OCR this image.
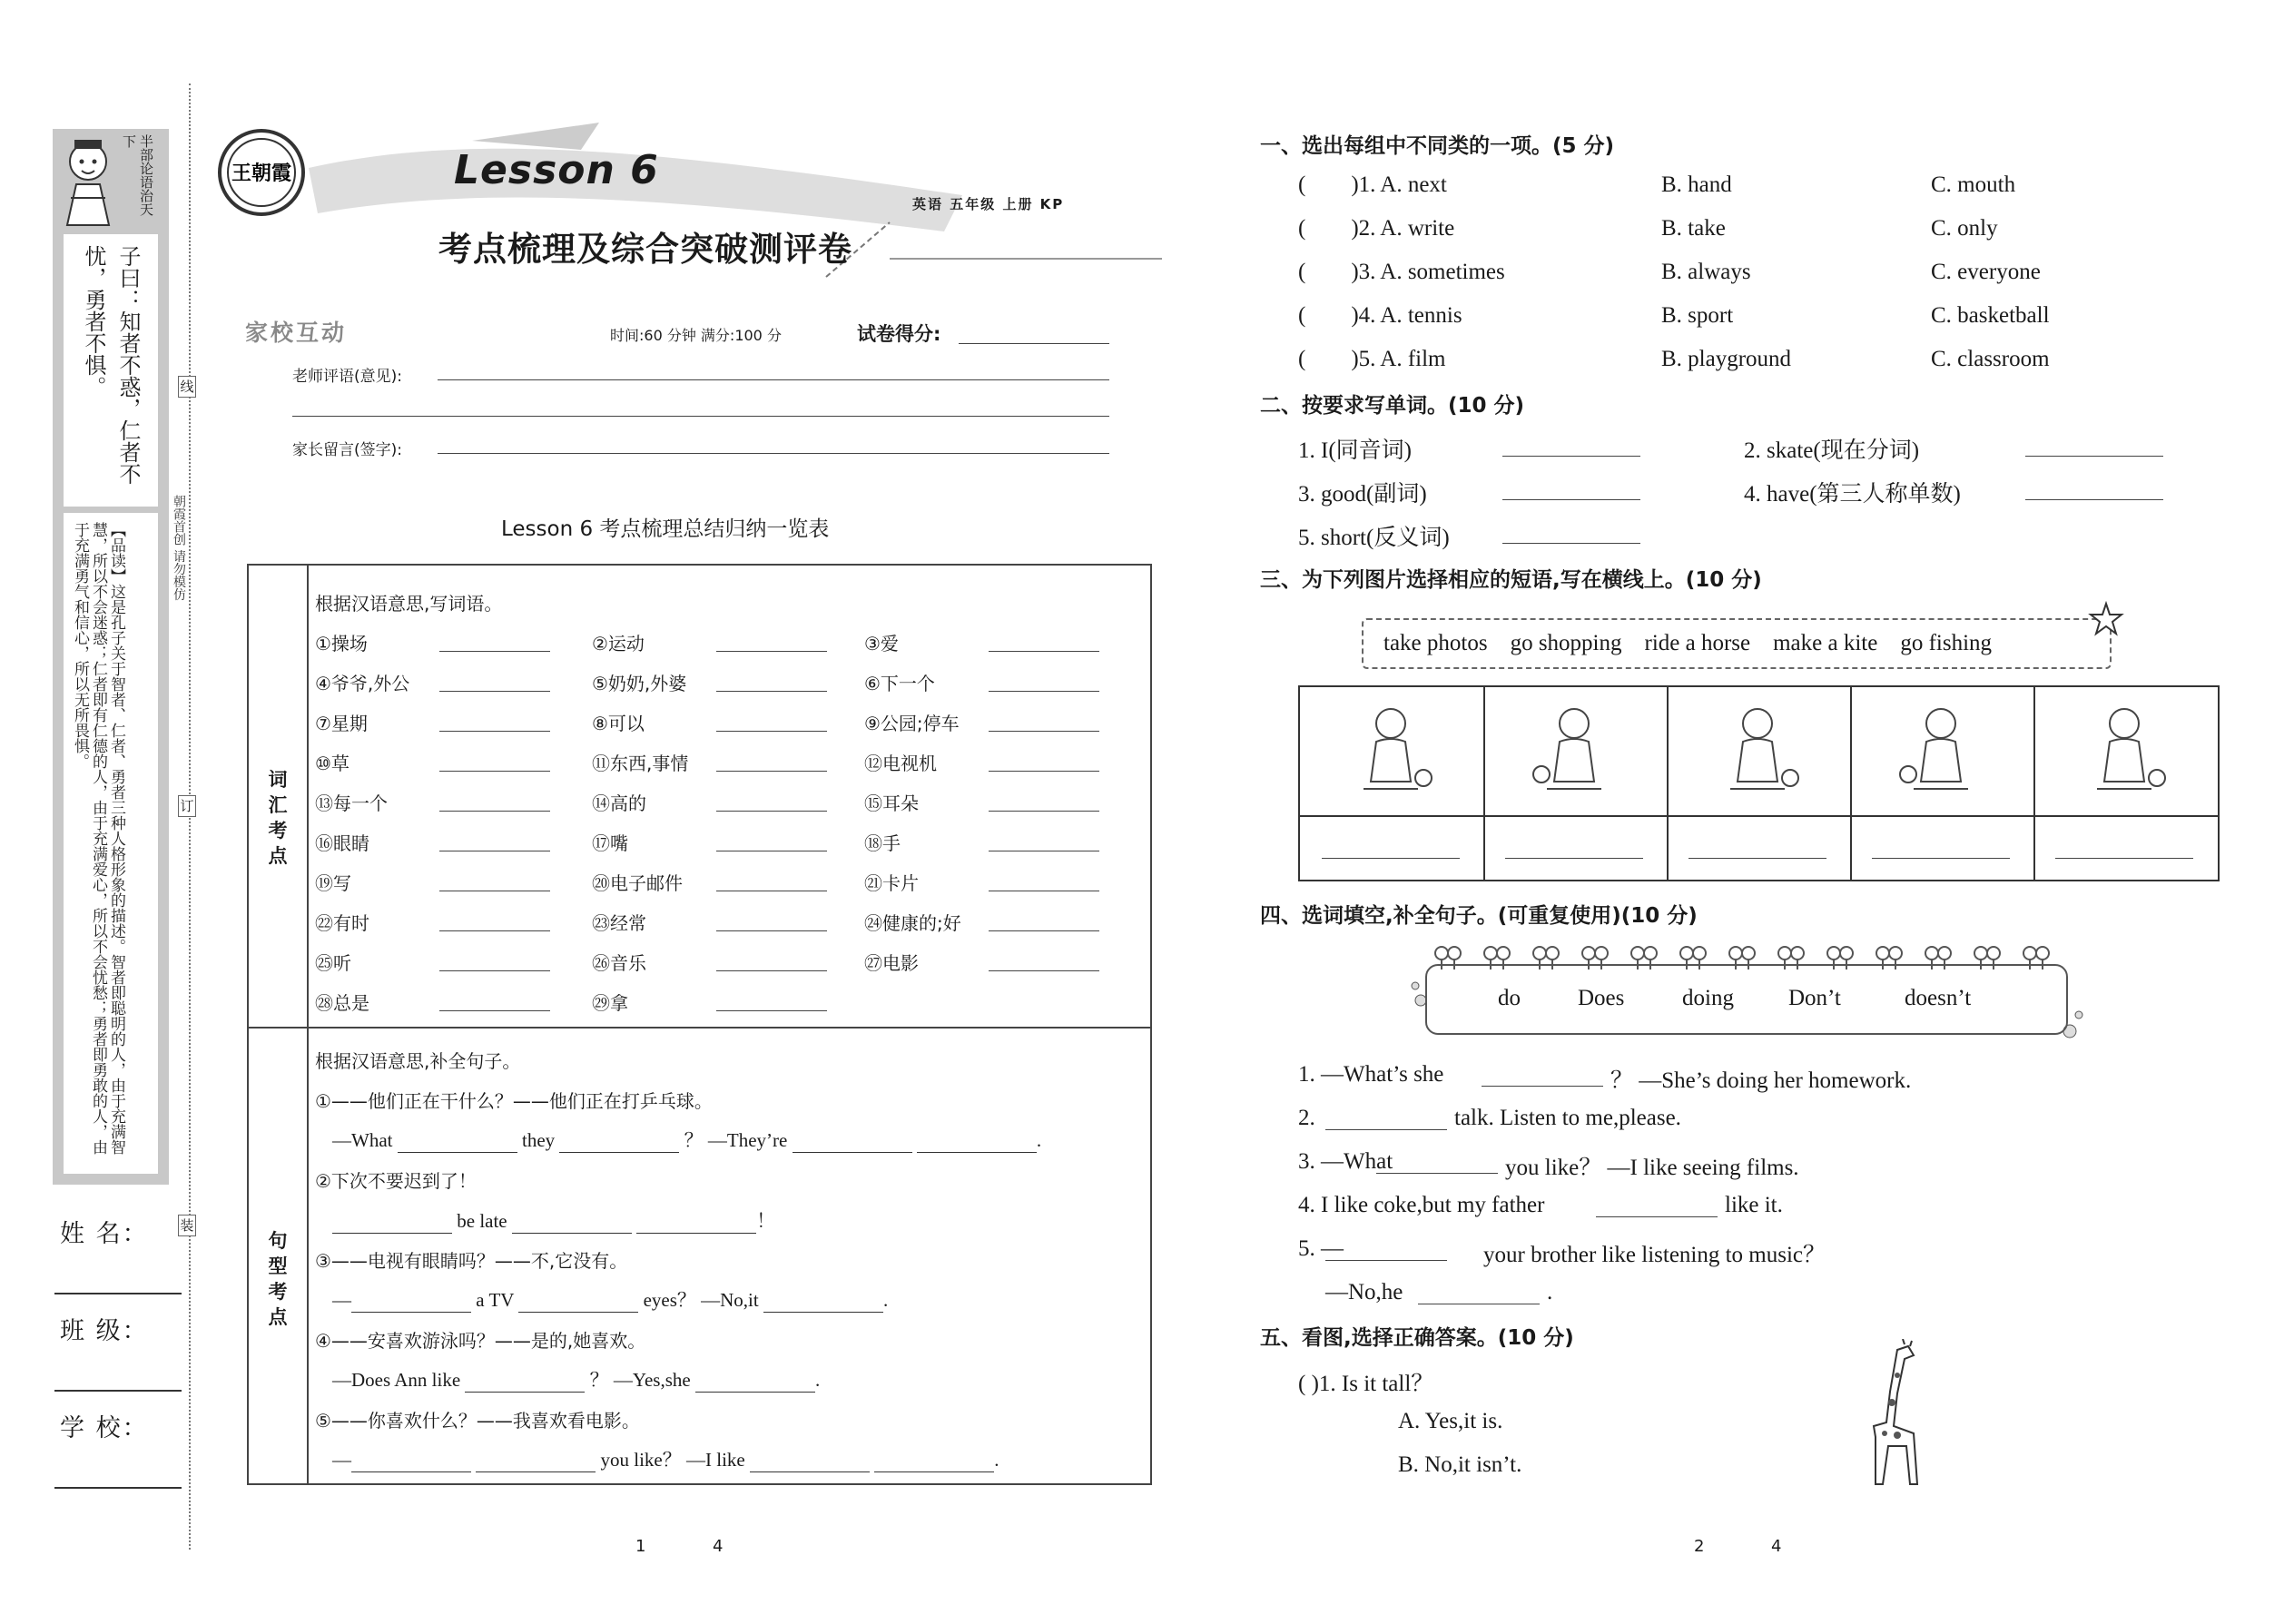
半部论语治天下
子曰：知者不惑，仁者不
忧，勇者不惧。
【品读】这是孔子关于智者、仁者、勇者三种人格形象的描述。智者即聪明的人，由于充满智慧，所以不会迷惑；仁者即有仁德的人，由于充满爱心，所以不会忧愁；勇者即勇敢的人，由于充满勇气和信心，所以无所畏惧。
线
订
装
朝霞首创 请勿模仿
姓 名：
班 级：
学 校：
王朝霞	Lesson 6
考点梳理及综合突破测评卷
英语 五年级 上册 KP
家校互动	时间:60 分钟 满分:100 分	试卷得分:
老师评语(意见):
家长留言(签字):
Lesson 6 考点梳理总结归纳一览表
词汇
考点
句型
考点
根据汉语意思,写词语。
①操场	②运动	③爱
④爷爷,外公	⑤奶奶,外婆	⑥下一个
⑦星期	⑧可以	⑨公园;停车
⑩草	⑪东西,事情	⑫电视机
⑬每一个	⑭高的	⑮耳朵
⑯眼睛	⑰嘴	⑱手
⑲写	⑳电子邮件	㉑卡片
㉒有时	㉓经常	㉔健康的;好
㉕听	㉖音乐	㉗电影
㉘总是	㉙拿
根据汉语意思,补全句子。
①——他们正在干什么？——他们正在打乒乓球。
—What	they	？ —They’re	.
②下次不要迟到了！
be late	！
③——电视有眼睛吗？——不,它没有。
—	a TV	eyes？ —No,it	.
④——安喜欢游泳吗？——是的,她喜欢。
—Does Ann like	？ —Yes,she	.
⑤——你喜欢什么？——我喜欢看电影。
—	you like？ —I like	.
1	4
一、选出每组中不同类的一项。(5 分)
(        )1. A. next	B. hand	C. mouth
(        )2. A. write	B. take	C. only
(        )3. A. sometimes	B. always	C. everyone
(        )4. A. tennis	B. sport	C. basketball
(        )5. A. film	B. playground	C. classroom
二、按要求写单词。(10 分)
1. I(同音词)	2. skate(现在分词)
3. good(副词)	4. have(第三人称单数)
5. short(反义词)
三、为下列图片选择相应的短语,写在横线上。(10 分)
take photos    go shopping    ride a horse    make a kite    go fishing
四、选词填空,补全句子。(可重复使用)(10 分)
do	Does	doing Don’t	doesn’t
1. —What’s she	？ —She’s doing her homework.
2.	talk. Listen to me,please.
3. —What	you like？ —I like seeing films.
4. I like coke,but my father	like it.
5. —	your brother like listening to music？
—No,he	.
五、看图,选择正确答案。(10 分)
( )1. Is it tall？
A. Yes,it is.
B. No,it isn’t.
2	4
